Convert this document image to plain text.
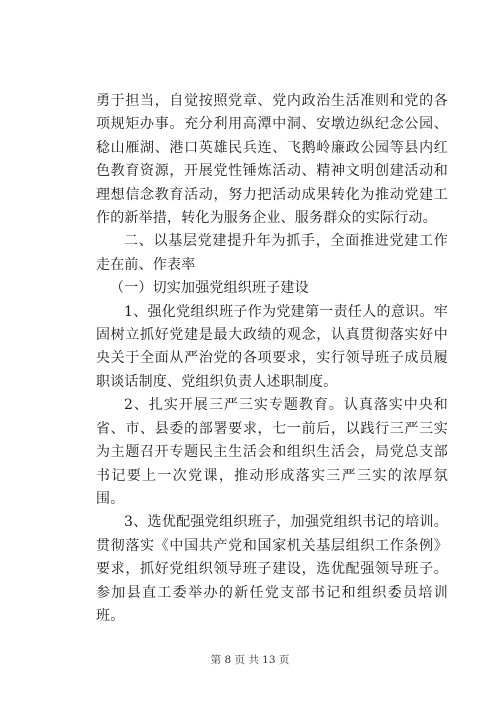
勇于担当，自觉按照党章、党内政治生活准则和党的各项规矩办事。充分利用高潭中洞、安墩边纵纪念公园、稔山雁湖、港口英雄民兵连、飞鹅岭廉政公园等县内红色教育资源，开展党性锤炼活动、精神文明创建活动和理想信念教育活动，努力把活动成果转化为推动党建工作的新举措，转化为服务企业、服务群众的实际行动。

二、以基层党建提升年为抓手，全面推进党建工作走在前、作表率

（一）切实加强党组织班子建设

1、强化党组织班子作为党建第一责任人的意识。牢固树立抓好党建是最大政绩的观念，认真贯彻落实好中央关于全面从严治党的各项要求，实行领导班子成员履职谈话制度、党组织负责人述职制度。

2、扎实开展三严三实专题教育。认真落实中央和省、市、县委的部署要求，七一前后，以践行三严三实为主题召开专题民主生活会和组织生活会，局党总支部书记要上一次党课，推动形成落实三严三实的浓厚氛围。

3、选优配强党组织班子，加强党组织书记的培训。贯彻落实《中国共产党和国家机关基层组织工作条例》要求，抓好党组织领导班子建设，选优配强领导班子。参加县直工委举办的新任党支部书记和组织委员培训班。

第 8 页 共 13 页
